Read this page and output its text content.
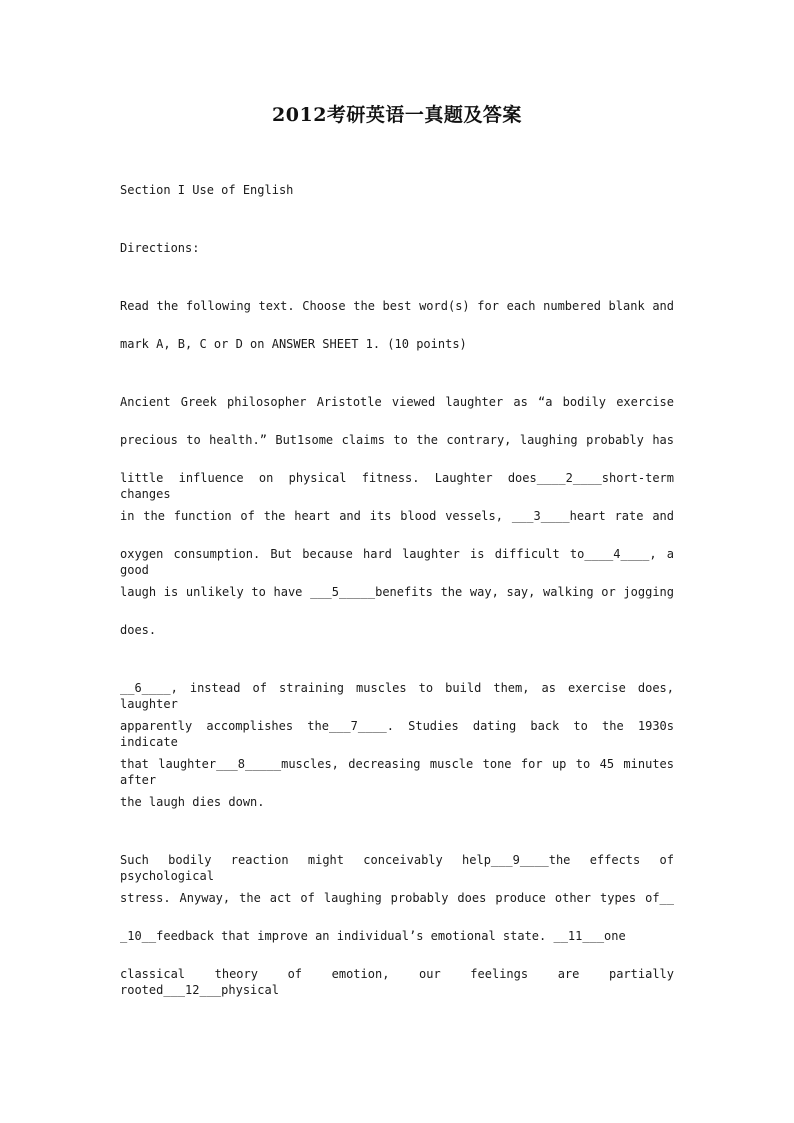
2012考研英语一真题及答案
Section I Use of English
Directions:
Read the following text. Choose the best word(s) for each numbered blank and
mark A, B, C or D on ANSWER SHEET 1. (10 points)
Ancient Greek philosopher Aristotle viewed laughter as “a bodily exercise
precious to health.” But1some claims to the contrary, laughing probably has
little influence on physical fitness. Laughter does____2____short-term changes
in the function of the heart and its blood vessels, ___3____heart rate and
oxygen consumption. But because hard laughter is difficult to____4____, a good
laugh is unlikely to have ___5_____benefits the way, say, walking or jogging
does.
__6____, instead of straining muscles to build them, as exercise does, laughter
apparently accomplishes the___7____. Studies dating back to the 1930s indicate
that laughter___8_____muscles, decreasing muscle tone for up to 45 minutes after
the laugh dies down.
Such bodily reaction might conceivably help___9____the effects of psychological
stress. Anyway, the act of laughing probably does produce other types of__
_10__feedback that improve an individual’s emotional state. __11___one
classical theory of emotion, our feelings are partially rooted___12___physical
